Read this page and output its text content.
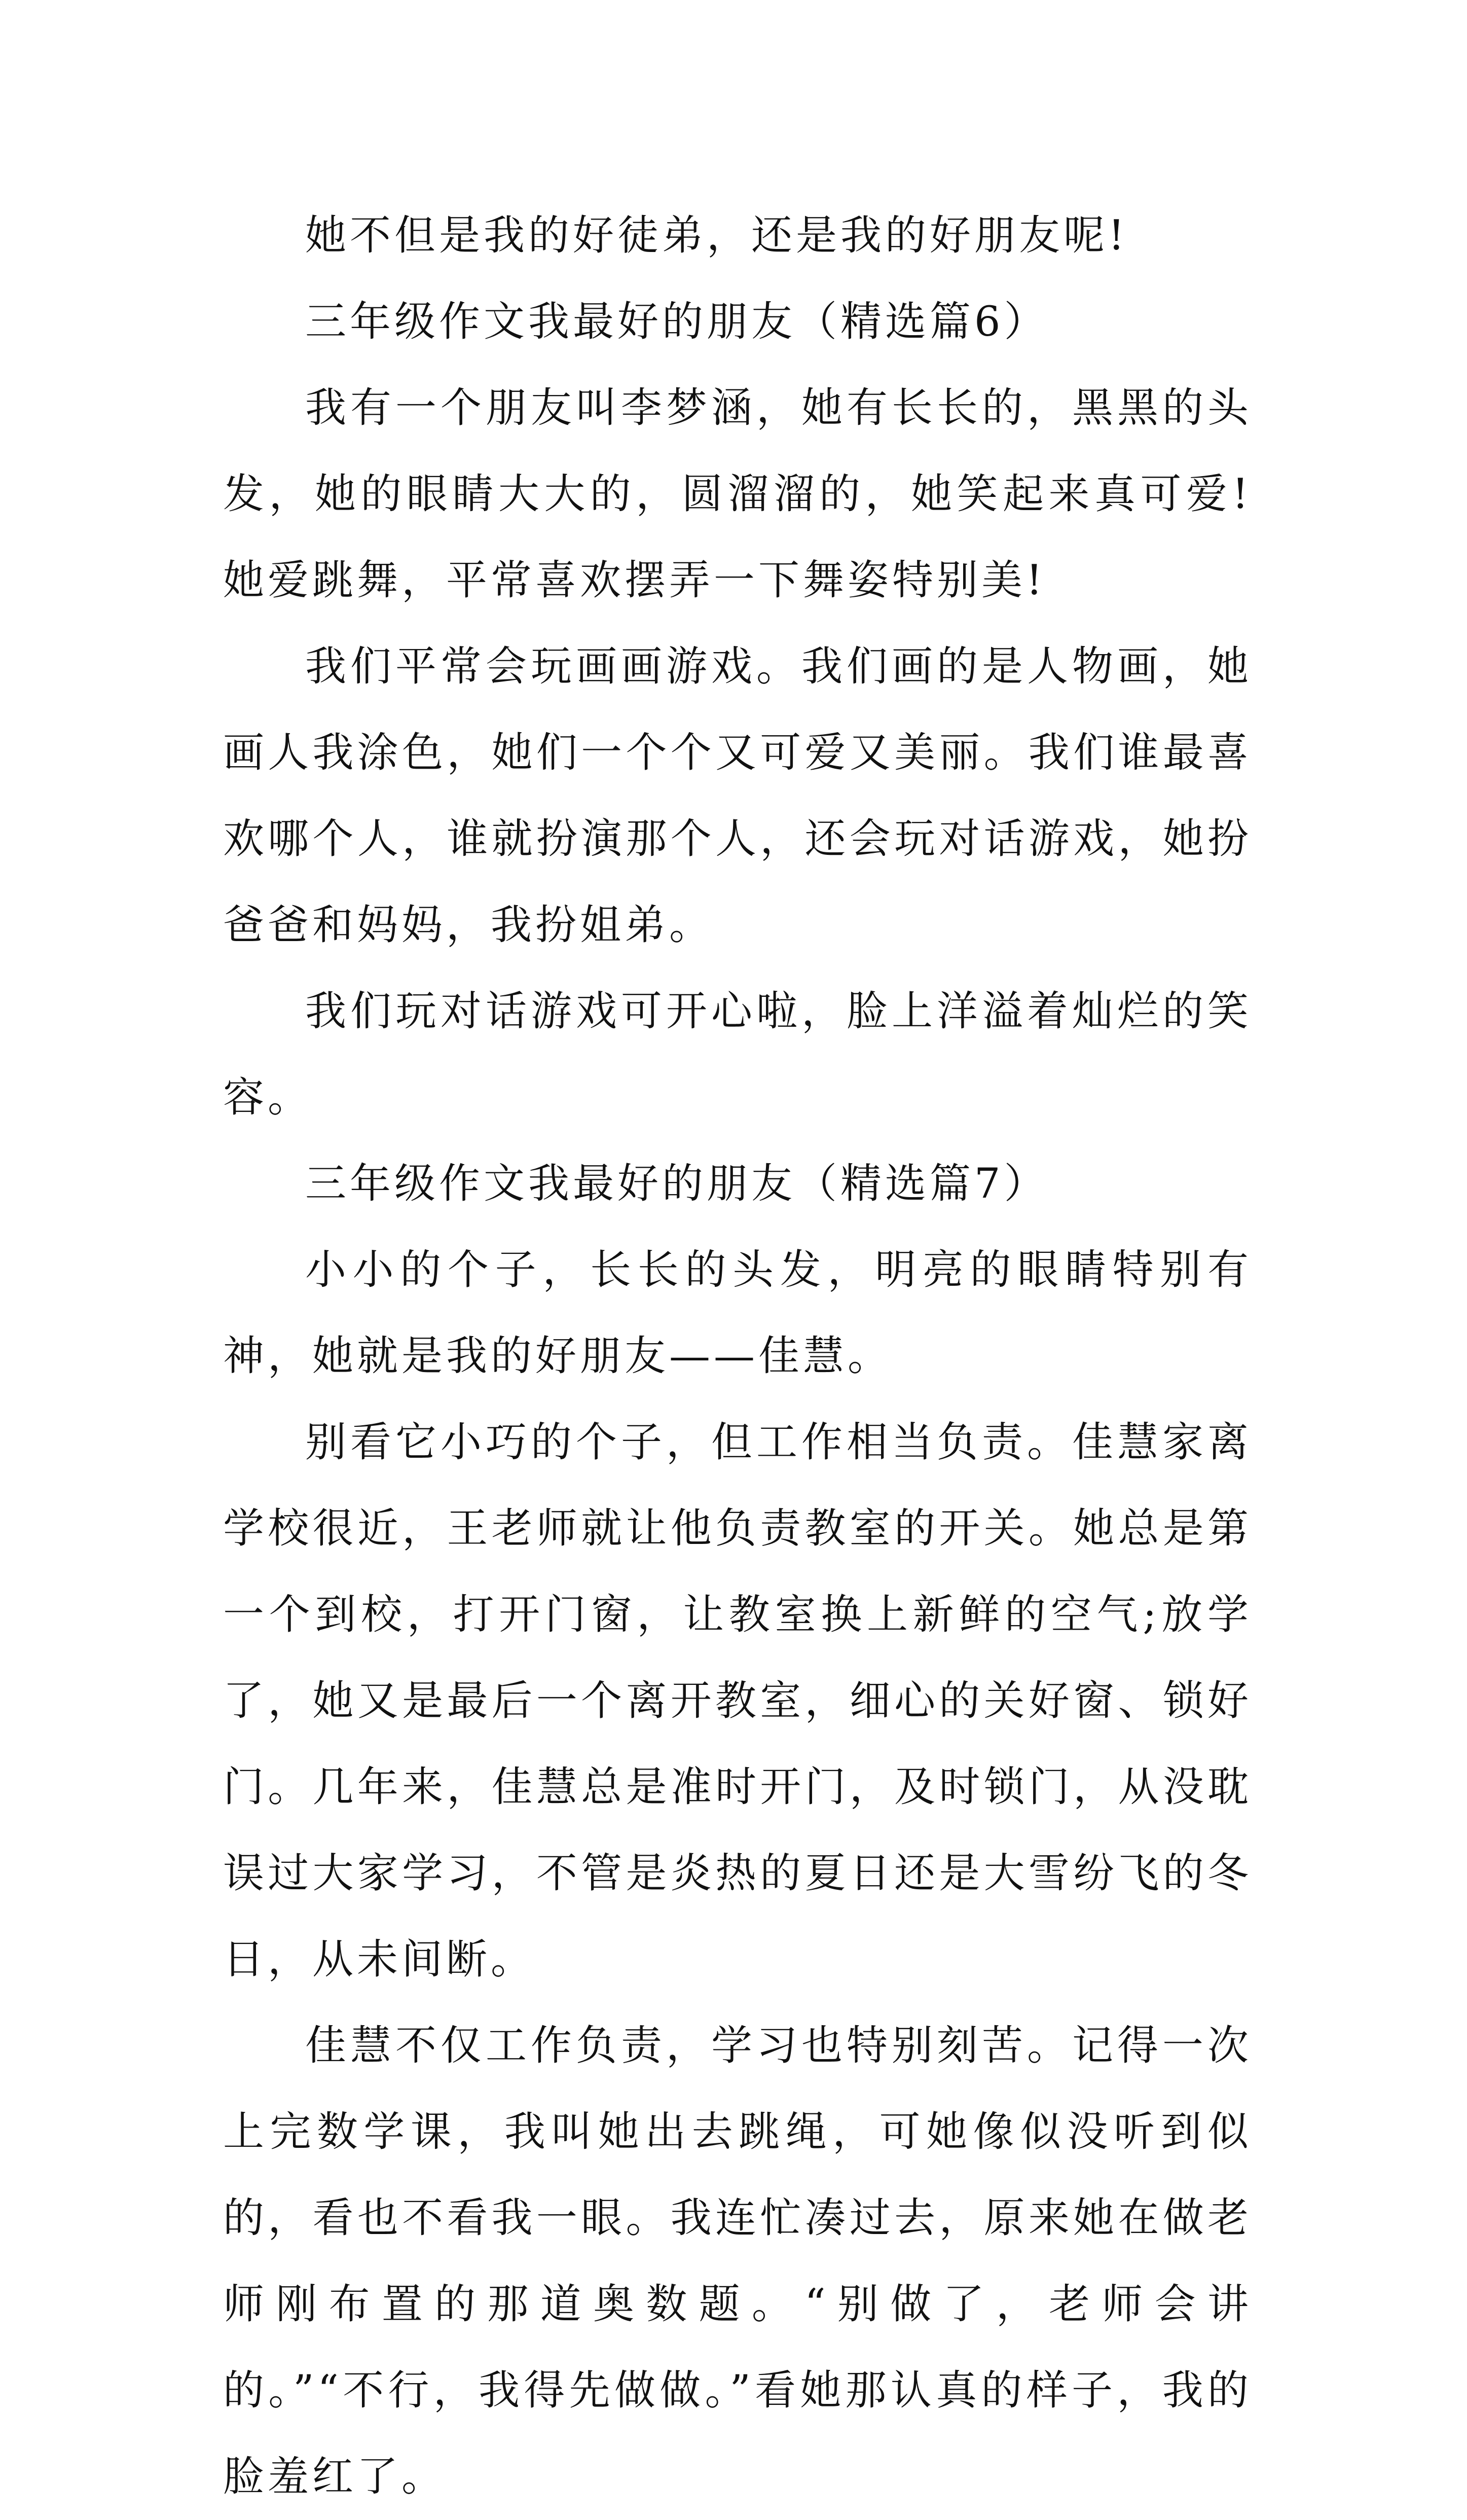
她不但是我的好徒弟，还是我的好朋友呢!

三年级作文我最好的朋友（精选篇6）

我有一个朋友叫李梦涵，她有长长的，黑黑的头发，她的眼睛大大的，圆溜溜的，她笑起来真可爱!她爱跳舞，平常喜欢摆弄一下舞姿特别美!

我们平常会玩画画游戏。我们画的是人物画，她画人我涂色，她们一个个又可爱又美丽。我们谁最喜欢哪个人，谁就扮演那个人，还会玩对话游戏，她扮爸爸和妈妈，我扮姐弟。

我们玩对话游戏可开心啦，脸上洋溢着灿烂的笑容。

三年级作文我最好的朋友（精选篇7）

小小的个子，长长的头发，明亮的眼睛特别有神，她就是我的好朋友——佳慧。

别看它小巧的个子，但工作相当负责。佳慧家离学校很近，王老师就让他负责教室的开关。她总是第一个到校，打开门窗，让教室换上新鲜的空气;放学了，她又是最后一个离开教室，细心的关好窗、锁好门。几年来，佳慧总是准时开门，及时锁门，从没耽误过大家学习，不管是炎热的夏日还是大雪纷飞的冬日，从未间断。

佳慧不仅工作负责，学习也特别刻苦。记得一次上完数学课，我叫她出去跳绳，可她像似没听到似的，看也不看我一眼。我连忙凑过去，原来她在做老师刚布置的那道奥数题。“别做了，老师会讲的。”“不行，我得先做做。”看她那认真的样子，我的脸羞红了。
